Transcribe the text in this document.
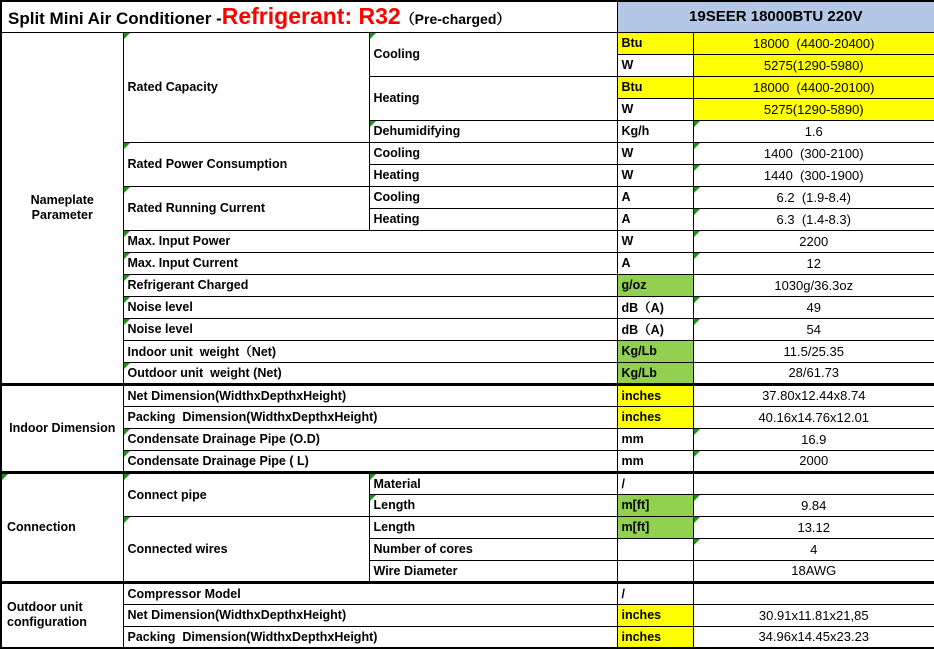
Split Mini Air Conditioner -Refrigerant: R32（Pre-charged）			19SEER 18000BTU 220V	
Nameplate Parameter	Rated Capacity	Cooling	Btu	18000  (4400-20400)
			W	5275(1290-5980)
		Heating	Btu	18000  (4400-20100)
			W	5275(1290-5890)
		Dehumidifying	Kg/h	1.6
	Rated Power Consumption	Cooling	W	1400  (300-2100)
		Heating	W	1440  (300-1900)
	Rated Running Current	Cooling	A	6.2  (1.9-8.4)
		Heating	A	6.3  (1.4-8.3)
	Max. Input Power		W	2200
	Max. Input Current		A	12
	Refrigerant Charged		g/oz	1030g/36.3oz
	Noise level		dB（A)	49
	Noise level		dB（A)	54
	Indoor unit  weight（Net)		Kg/Lb	11.5/25.35
	Outdoor unit  weight (Net)		Kg/Lb	28/61.73
Indoor Dimension	Net Dimension(WidthxDepthxHeight)		inches	37.80x12.44x8.74
	Packing  Dimension(WidthxDepthxHeight)		inches	40.16x14.76x12.01
	Condensate Drainage Pipe (O.D)		mm	16.9
	Condensate Drainage Pipe ( L)		mm	2000
Connection	Connect pipe	Material	/	
		Length	m[ft]	9.84
	Connected wires	Length	m[ft]	13.12
		Number of cores		4
		Wire Diameter		18AWG
Outdoor unit configuration	Compressor Model		/	
	Net Dimension(WidthxDepthxHeight)		inches	30.91x11.81x21,85
	Packing  Dimension(WidthxDepthxHeight)		inches	34.96x14.45x23.23
